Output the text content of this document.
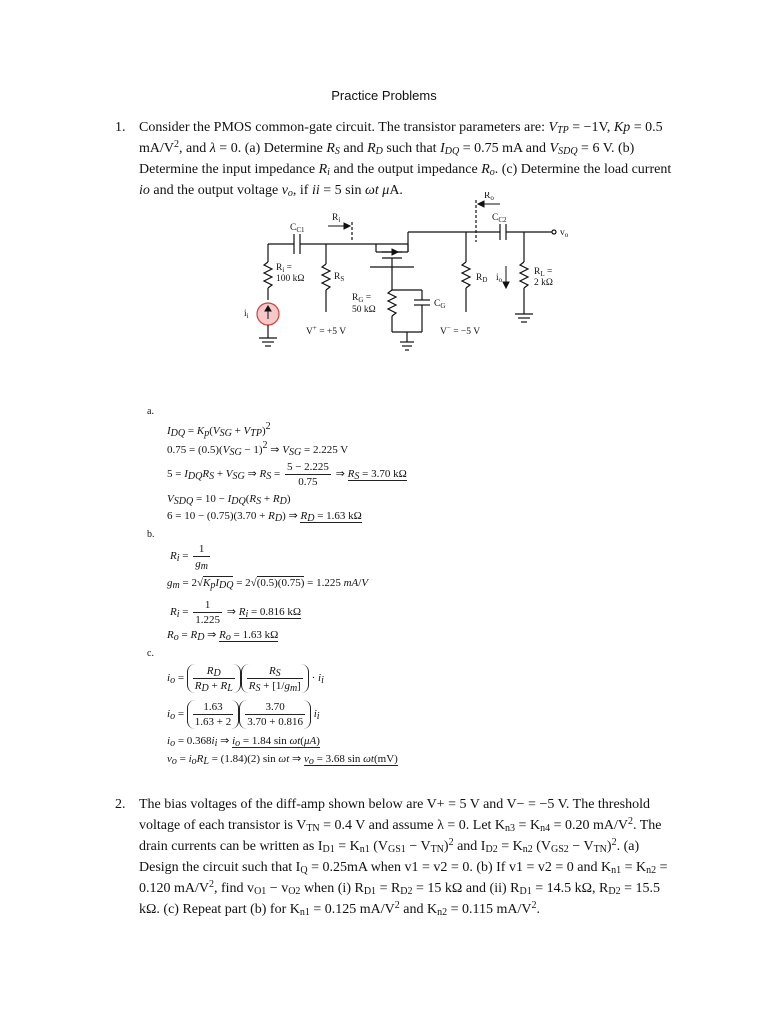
Practice Problems
1. Consider the PMOS common-gate circuit. The transistor parameters are: $V_{TP} = -1V$, Kp = 0.5 $mA/V^2$, and λ = 0. (a) Determine $R_S$ and $R_D$ such that $I_{DQ} = 0.75$ mA and $V_{SDQ} = 6$ V. (b) Determine the input impedance $R_i$ and the output impedance $R_o$. (c) Determine the load current io and the output voltage $v_o$, if ii = 5 sin ωt μA.
$R_i$
$R_o$
$C_{C1}$
$C_{C2}$
$v_o$
$R_i$ =
100 kΩ	$R_S$
$R_G$ =
50 kΩ
$C_G$
$R_D$ $i_o$
$R_L$ =
2 kΩ
$i_i$
V+ = +5 V	V− = −5 V
a.
b.
c.
$I_{DQ} = K_p(V_{SG} + V_{TP})^2$
$0.75 = (0.5)(V_{SG} - 1)^2$ ⇒ $V_{SG} = 2.225$ V
$5 = I_{DQ}R_S + V_{SG}$ ⇒ $R_S = \frac{5 - 2.225}{0.75}$ ⇒ $R_S = 3.70$ kΩ
$V_{SDQ} = 10 - I_{DQ}(R_S + R_D)$
$6 = 10 - (0.75)(3.70 + R_D)$ ⇒ $R_D = 1.63$ kΩ
$R_i = \frac{1}{g_m}$
$g_m = 2√K_pI_{DQ} = 2√(0.5)(0.75) = 1.225$ mA/V
$R_i = \frac{1}{1.225}$ ⇒ $R_i = 0.816$ kΩ
$R_o = R_D$ ⇒ $R_o = 1.63$ kΩ
$i_o = \frac{R_D}{R_D + R_L} \frac{R_S}{R_S + [1/g_m]} \cdot i_i$
$i_o = \frac{1.63}{1.63 + 2} \frac{3.70}{3.70 + 0.816} i_i$
$i_o = 0.368i_i$ ⇒ $i_o = 1.84$ sin ωt(μA)
$v_o = i_oR_L = (1.84)(2)$ sin ωt ⇒ $v_o = 3.68$ sin ωt(mV)
2. The bias voltages of the diff-amp shown below are V+ = 5 V and V− = −5 V. The threshold voltage of each transistor is $V_{TN} = 0.4$ V and assume λ = 0. Let $K_{n3} = K_{n4} = 0.20$ $mA/V^2$. The drain currents can be written as $I_{D1} = K_{n1}$ $(V_{GS1} - V_{TN})^2$ and $I_{D2} = K_{n2}$ $(V_{GS2} - V_{TN})^2$. (a) Design the circuit such that $I_Q = 0.25mA$ when v1 = v2 = 0. (b) If v1 = v2 = 0 and $K_{n1} = K_{n2} = 0.120$ $mA/V^2$, find $v_{O1} - v_{O2}$ when (i) $R_{D1} = R_{D2} = 15$ kΩ and (ii) $R_{D1} = 14.5$ kΩ, $R_{D2} = 15.5$ kΩ. (c) Repeat part (b) for $K_{n1} = 0.125$ $mA/V^2$ and $K_{n2} = 0.115$ $mA/V^2$.
